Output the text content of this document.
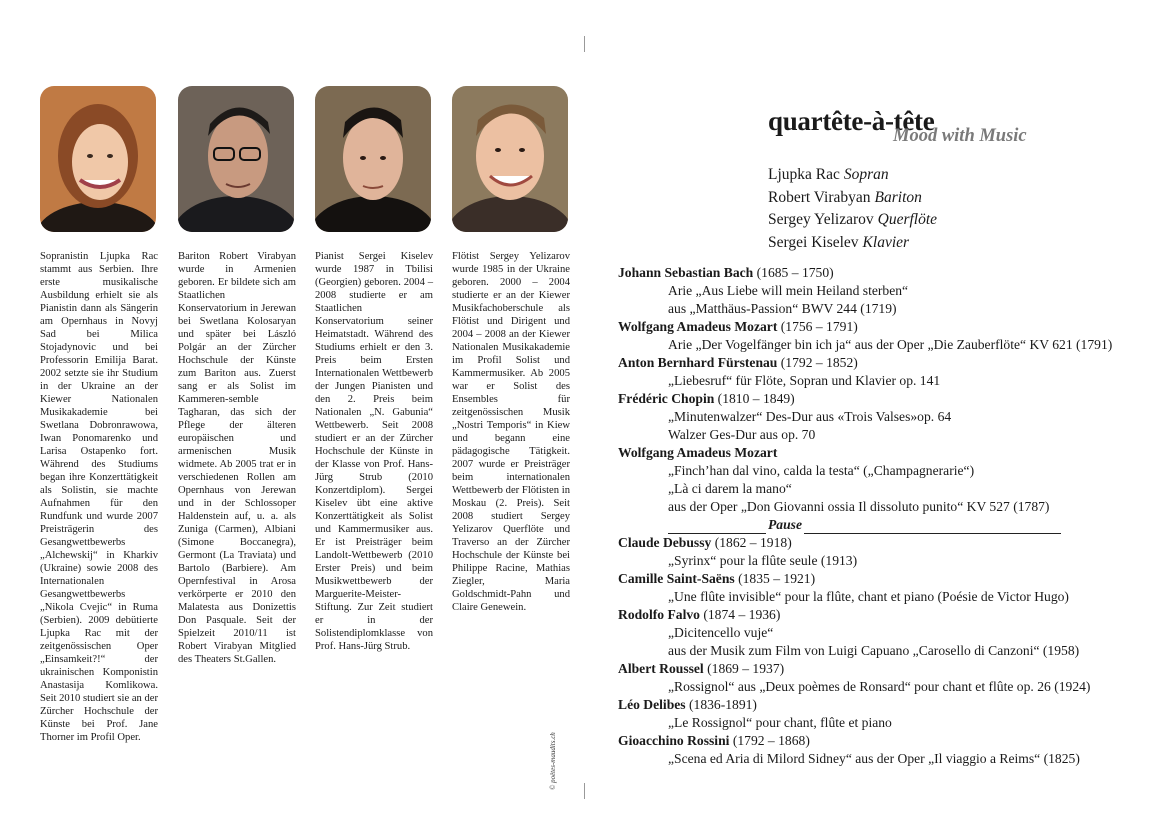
Sopranistin Ljupka Rac stammt aus Serbien. Ihre erste musikalische Ausbildung erhielt sie als Pianistin dann als Sängerin am Opernhaus in Novyj Sad bei Milica Stojadynovic und bei Professorin Emilija Barat. 2002 setzte sie ihr Studium in der Ukraine an der Kiewer Nationalen Musikakademie bei Swetlana Dobronrawowa, Iwan Ponomarenko und Larisa Ostapenko fort. Während des Studiums began ihre Konzerttätigkeit als Solistin, sie machte Aufnahmen für den Rundfunk und wurde 2007 Preisträgerin des Gesangwettbewerbs „Alchewskij“ in Kharkiv (Ukraine) sowie 2008 des Internationalen Gesangwettbewerbs „Nikola Cvejic“ in Ruma (Serbien). 2009 debütierte Ljupka Rac mit der zeitgenössischen Oper „Einsamkeit?!“ der ukrainischen Komponistin Anastasija Komlikowa. Seit 2010 studiert sie an der Zürcher Hochschule der Künste bei Prof. Jane Thorner im Profil Oper.
Bariton Robert Virabyan wurde in Armenien geboren. Er bildete sich am Staatlichen Konservatorium in Jerewan bei Swetlana Kolosaryan und später bei László Polgár an der Zürcher Hochschule der Künste zum Bariton aus. Zuerst sang er als Solist im Kammeren-semble Tagharan, das sich der Pflege der älteren europäischen und armenischen Musik widmete. Ab 2005 trat er in verschiedenen Rollen am Opernhaus von Jerewan und in der Schlossoper Haldenstein auf, u. a. als Zuniga (Carmen), Albiani (Simone Boccanegra), Germont (La Traviata) und Bartolo (Barbiere). Am Opernfestival in Arosa verkörperte er 2010 den Malatesta aus Donizettis Don Pasquale. Seit der Spielzeit 2010/11 ist Robert Virabyan Mitglied des Theaters St.Gallen.
Pianist Sergei Kiselev wurde 1987 in Tbilisi (Georgien) geboren. 2004 – 2008 studierte er am Staatlichen Konservatorium seiner Heimatstadt. Während des Studiums erhielt er den 3. Preis beim Ersten Internationalen Wettbewerb der Jungen Pianisten und den 2. Preis beim Nationalen „N. Gabunia“ Wettbewerb. Seit 2008 studiert er an der Zürcher Hochschule der Künste in der Klasse von Prof. Hans-Jürg Strub (2010 Konzertdiplom). Sergei Kiselev übt eine aktive Konzerttätigkeit als Solist und Kammermusiker aus. Er ist Preisträger beim Landolt-Wettbewerb (2010 Erster Preis) und beim Musikwettbewerb der Marguerite-Meister-Stiftung. Zur Zeit studiert er in der Solistendiplomklasse von Prof. Hans-Jürg Strub.
Flötist Sergey Yelizarov wurde 1985 in der Ukraine geboren. 2000 – 2004 studierte er an der Kiewer Musikfachoberschule als Flötist und Dirigent und 2004 – 2008 an der Kiewer Nationalen Musikakademie im Profil Solist und Kammermusiker. Ab 2005 war er Solist des Ensembles für zeitgenössischen Musik „Nostri Temporis“ in Kiew und begann eine pädagogische Tätigkeit. 2007 wurde er Preisträger beim internationalen Wettbewerb der Flötisten in Moskau (2. Preis). Seit 2008 studiert Sergey Yelizarov Querflöte und Traverso an der Zürcher Hochschule der Künste bei Philippe Racine, Mathias Ziegler, Maria Goldschmidt-Pahn und Claire Genewein.
© poètes-maudits.ch
quartête-à-tête
Mood with Music
Ljupka Rac Sopran
Robert Virabyan Bariton
Sergey Yelizarov Querflöte
Sergei Kiselev Klavier
Johann Sebastian Bach (1685 – 1750)
Arie „Aus Liebe will mein Heiland sterben“
aus „Matthäus-Passion“ BWV 244 (1719)
Wolfgang Amadeus Mozart (1756 – 1791)
Arie „Der Vogelfänger bin ich ja“ aus der Oper „Die Zauberflöte“ KV 621 (1791)
Anton Bernhard Fürstenau (1792 – 1852)
„Liebesruf“ für Flöte, Sopran und Klavier op. 141
Frédéric Chopin (1810 – 1849)
„Minutenwalzer“ Des-Dur aus «Trois Valses»op. 64
Walzer Ges-Dur aus op. 70
Wolfgang Amadeus Mozart
„Finch’han dal vino, calda la testa“ („Champagnerarie“)
„Là ci darem la mano“
aus der Oper „Don Giovanni ossia Il dissoluto punito“ KV 527 (1787)
Pause
Claude Debussy (1862 – 1918)
„Syrinx“ pour la flûte seule (1913)
Camille Saint-Saëns (1835 – 1921)
„Une flûte invisible“ pour la flûte, chant et piano (Poésie de Victor Hugo)
Rodolfo Falvo (1874 – 1936)
„Dicitencello vuje“
aus der Musik zum Film von Luigi Capuano „Carosello di Canzoni“ (1958)
Albert Roussel (1869 – 1937)
„Rossignol“ aus „Deux poèmes de Ronsard“ pour chant et flûte op. 26 (1924)
Léo Delibes (1836-1891)
„Le Rossignol“ pour chant, flûte et piano
Gioacchino Rossini (1792 – 1868)
„Scena ed Aria di Milord Sidney“ aus der Oper „Il viaggio a Reims“ (1825)
